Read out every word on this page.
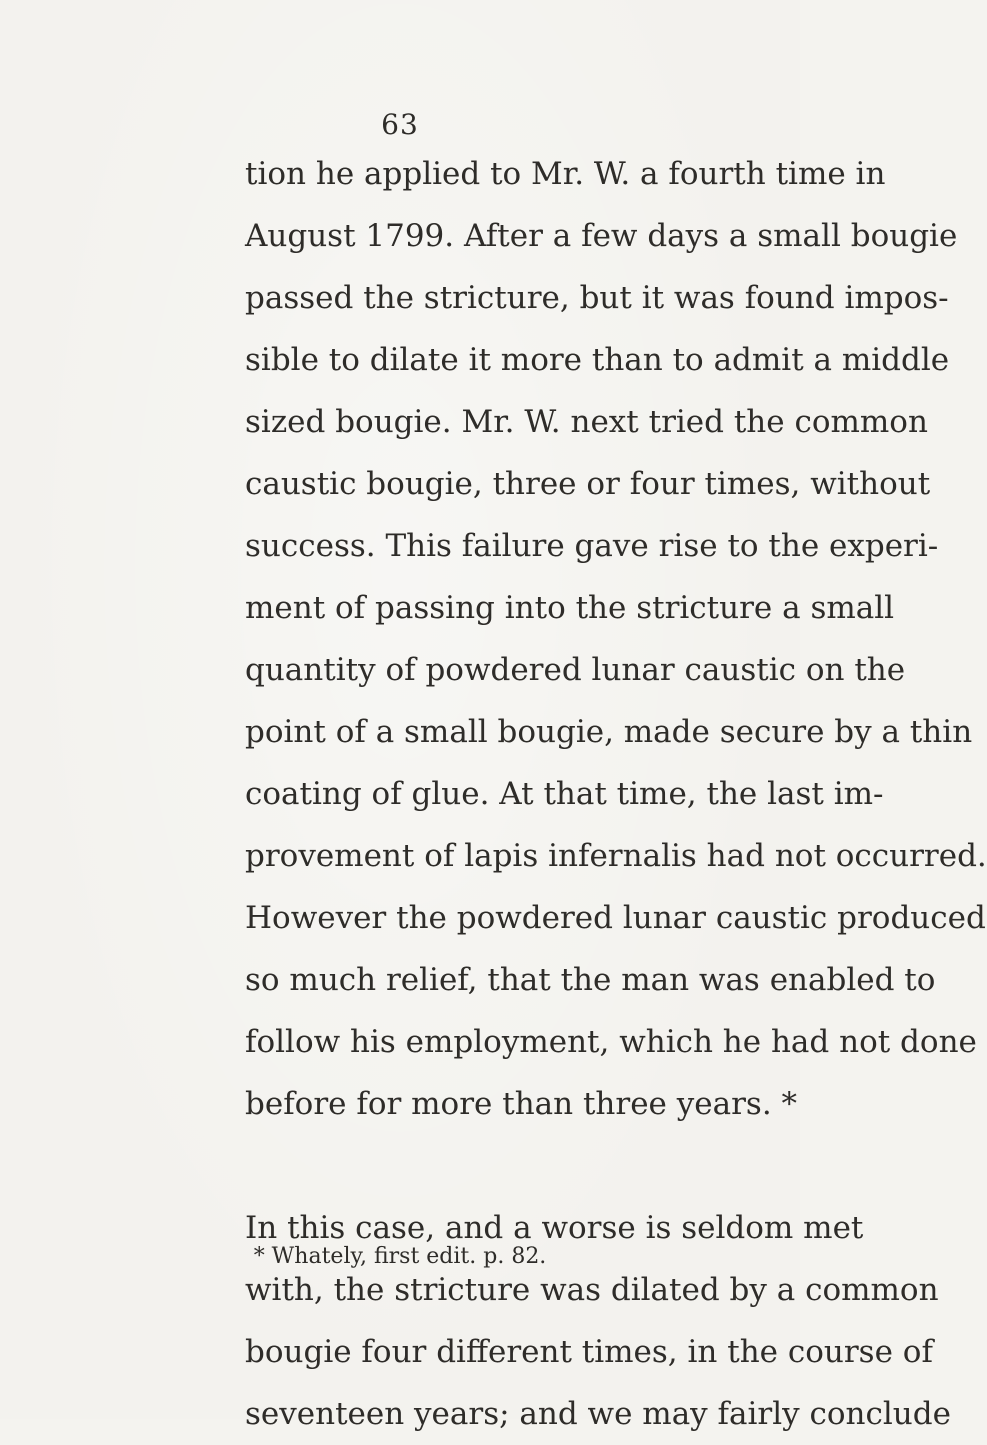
63
tion he applied to Mr. W. a fourth time in
August 1799. After a few days a small bougie
passed the stricture, but it was found impos-
sible to dilate it more than to admit a middle
sized bougie. Mr. W. next tried the common
caustic bougie, three or four times, without
success. This failure gave rise to the experi-
ment of passing into the stricture a small
quantity of powdered lunar caustic on the
point of a small bougie, made secure by a thin
coating of glue. At that time, the last im-
provement of lapis infernalis had not occurred.
However the powdered lunar caustic produced
so much relief, that the man was enabled to
follow his employment, which he had not done
before for more than three years. *
In this case, and a worse is seldom met
with, the stricture was dilated by a common
bougie four different times, in the course of
seventeen years; and we may fairly conclude
* Whately, first edit. p. 82.
